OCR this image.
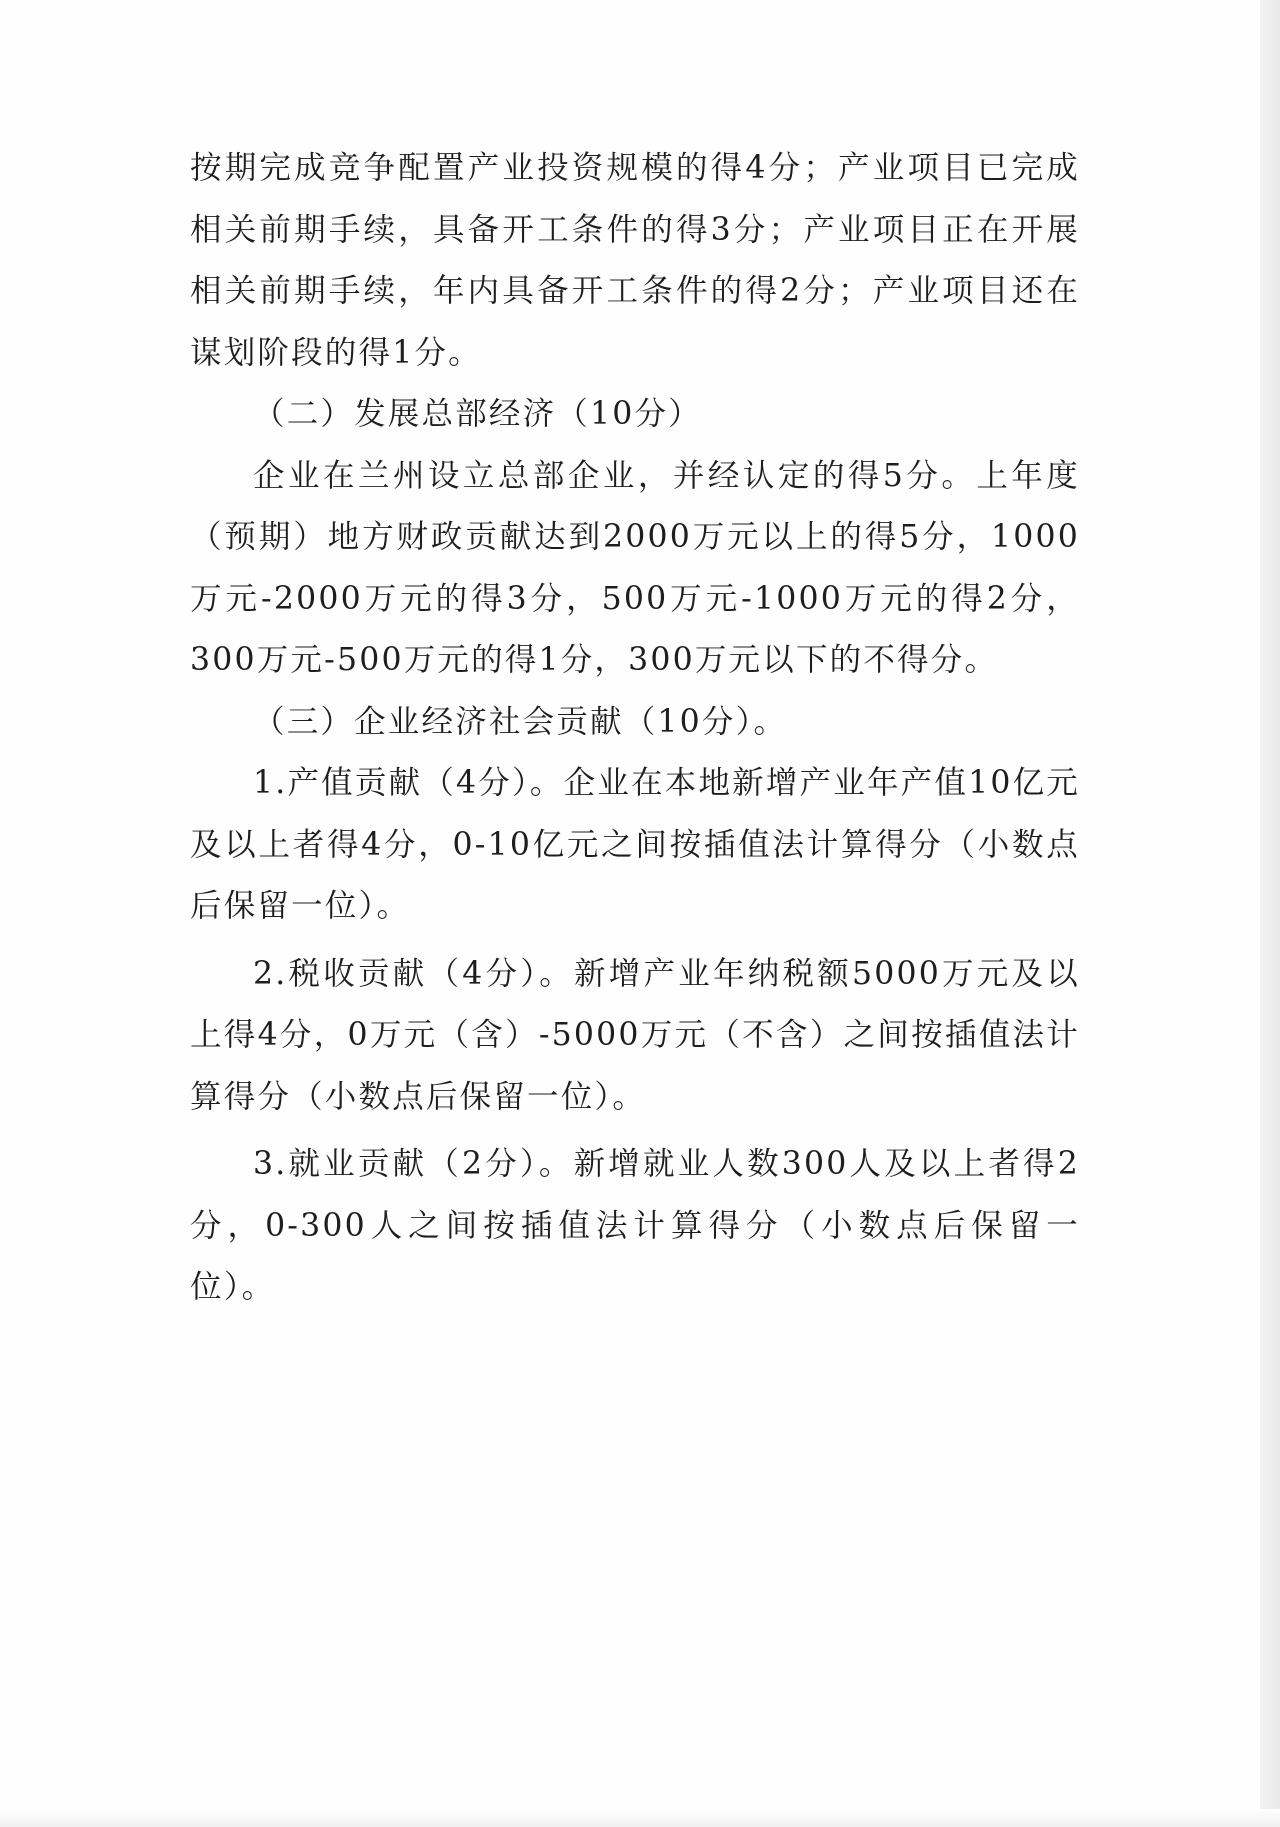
按期完成竞争配置产业投资规模的得4分；产业项目已完成相关前期手续，具备开工条件的得3分；产业项目正在开展相关前期手续，年内具备开工条件的得2分；产业项目还在谋划阶段的得1分。

（二）发展总部经济（10分）

企业在兰州设立总部企业，并经认定的得5分。上年度（预期）地方财政贡献达到2000万元以上的得5分，1000万元-2000万元的得3分，500万元-1000万元的得2分，300万元-500万元的得1分，300万元以下的不得分。

（三）企业经济社会贡献（10分）。

1.产值贡献（4分）。企业在本地新增产业年产值10亿元及以上者得4分，0-10亿元之间按插值法计算得分（小数点后保留一位）。

2.税收贡献（4分）。新增产业年纳税额5000万元及以上得4分，0万元（含）-5000万元（不含）之间按插值法计算得分（小数点后保留一位）。

3.就业贡献（2分）。新增就业人数300人及以上者得2分，0-300人之间按插值法计算得分（小数点后保留一位）。
